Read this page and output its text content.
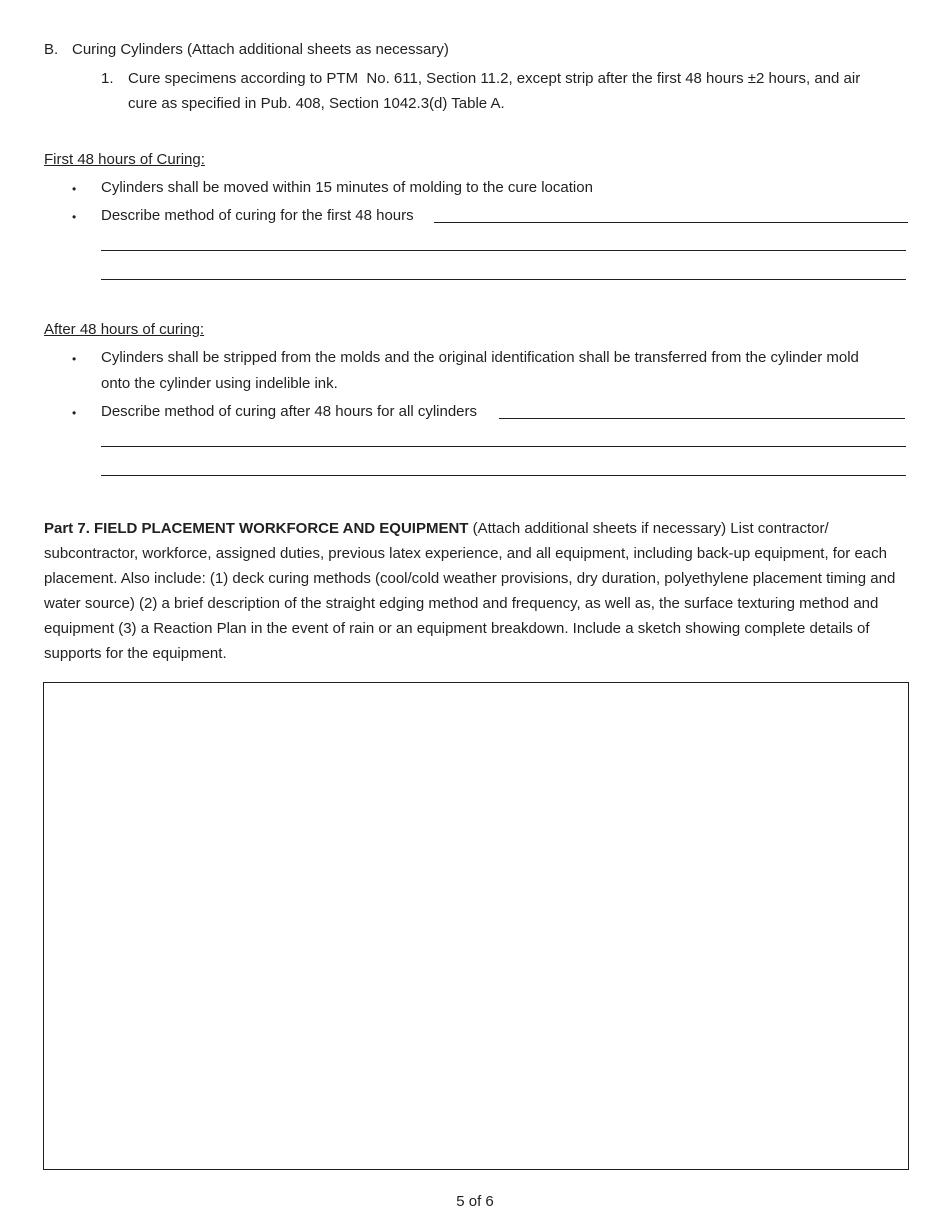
B. Curing Cylinders (Attach additional sheets as necessary)
1. Cure specimens according to PTM  No. 611, Section 11.2, except strip after the first 48 hours ±2 hours, and air
cure as specified in Pub. 408, Section 1042.3(d) Table A.
First 48 hours of Curing:
• Cylinders shall be moved within 15 minutes of molding to the cure location
• Describe method of curing for the first 48 hours
After 48 hours of curing:
• Cylinders shall be stripped from the molds and the original identification shall be transferred from the cylinder mold
onto the cylinder using indelible ink.
• Describe method of curing after 48 hours for all cylinders
Part 7. FIELD PLACEMENT WORKFORCE AND EQUIPMENT (Attach additional sheets if necessary) List contractor/ subcontractor, workforce, assigned duties, previous latex experience, and all equipment, including back-up equipment, for each placement. Also include: (1) deck curing methods (cool/cold weather provisions, dry duration, polyethylene placement timing and water source) (2) a brief description of the straight edging method and frequency, as well as, the surface texturing method and equipment (3) a Reaction Plan in the event of rain or an equipment breakdown. Include a sketch showing complete details of supports for the equipment.
5 of 6
